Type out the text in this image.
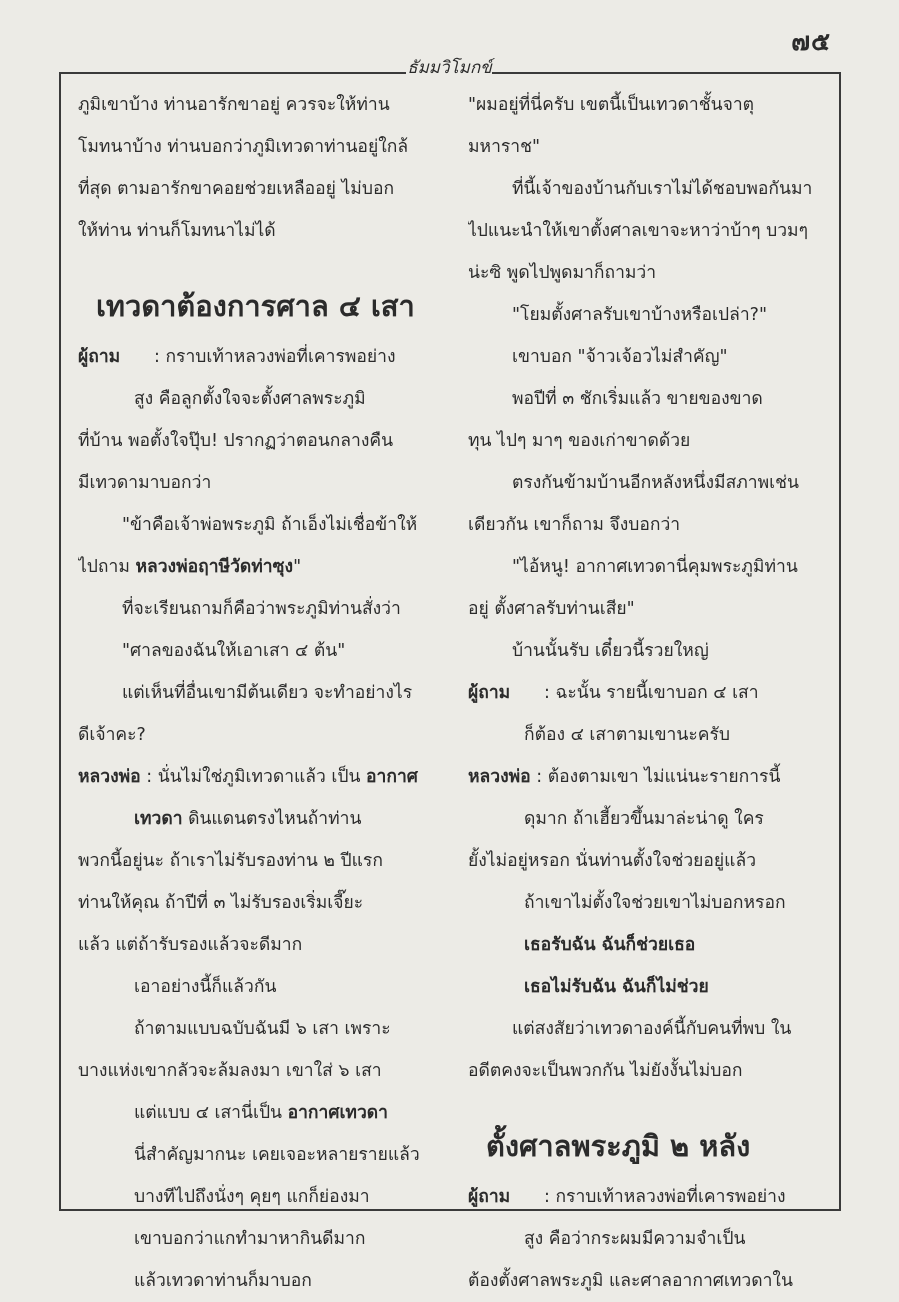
๗๕
ธัมมวิโมกข์
ภูมิเขาบ้าง ท่านอารักขาอยู่ ควรจะให้ท่าน
โมทนาบ้าง ท่านบอกว่าภูมิเทวดาท่านอยู่ใกล้
ที่สุด ตามอารักขาคอยช่วยเหลืออยู่ ไม่บอก
ให้ท่าน ท่านก็โมทนาไม่ได้
เทวดาต้องการศาล ๔ เสา
ผู้ถาม : กราบเท้าหลวงพ่อที่เคารพอย่าง
สูง คือลูกตั้งใจจะตั้งศาลพระภูมิ
ที่บ้าน พอตั้งใจปุ๊บ! ปรากฏว่าตอนกลางคืน
มีเทวดามาบอกว่า
"ข้าคือเจ้าพ่อพระภูมิ ถ้าเอ็งไม่เชื่อข้าให้
ไปถาม หลวงพ่อฤาษีวัดท่าซุง"
ที่จะเรียนถามก็คือว่าพระภูมิท่านสั่งว่า
"ศาลของฉันให้เอาเสา ๔ ต้น"
แต่เห็นที่อื่นเขามีต้นเดียว จะทำอย่างไร
ดีเจ้าคะ?
หลวงพ่อ : นั่นไม่ใช่ภูมิเทวดาแล้ว เป็น อากาศ
เทวดา ดินแดนตรงไหนถ้าท่าน
พวกนี้อยู่นะ ถ้าเราไม่รับรองท่าน ๒ ปีแรก
ท่านให้คุณ ถ้าปีที่ ๓ ไม่รับรองเริ่มเจี๊ยะ
แล้ว แต่ถ้ารับรองแล้วจะดีมาก
เอาอย่างนี้ก็แล้วกัน
ถ้าตามแบบฉบับฉันมี ๖ เสา เพราะ
บางแห่งเขากลัวจะล้มลงมา เขาใส่ ๖ เสา
แต่แบบ ๔ เสานี่เป็น อากาศเทวดา
นี่สำคัญมากนะ เคยเจอะหลายรายแล้ว
บางทีไปถึงนั่งๆ คุยๆ แกก็ย่องมา
เขาบอกว่าแกทำมาหากินดีมาก
แล้วเทวดาท่านก็มาบอก
"ผมอยู่ที่นี่ครับ เขตนี้เป็นเทวดาชั้นจาตุ
มหาราช"
ที่นี้เจ้าของบ้านกับเราไม่ได้ชอบพอกันมา
ไปแนะนำให้เขาตั้งศาลเขาจะหาว่าบ้าๆ บวมๆ
น่ะซิ พูดไปพูดมาก็ถามว่า
"โยมตั้งศาลรับเขาบ้างหรือเปล่า?"
เขาบอก "จ้าวเจ้อวไม่สำคัญ"
พอปีที่ ๓ ชักเริ่มแล้ว ขายของขาด
ทุน ไปๆ มาๆ ของเก่าขาดด้วย
ตรงกันข้ามบ้านอีกหลังหนึ่งมีสภาพเช่น
เดียวกัน เขาก็ถาม จึงบอกว่า
"ไอ้หนู! อากาศเทวดานี่คุมพระภูมิท่าน
อยู่ ตั้งศาลรับท่านเสีย"
บ้านนั้นรับ เดี๋ยวนี้รวยใหญ่
ผู้ถาม : ฉะนั้น รายนี้เขาบอก ๔ เสา
ก็ต้อง ๔ เสาตามเขานะครับ
หลวงพ่อ : ต้องตามเขา ไม่แน่นะรายการนี้
ดุมาก ถ้าเฮี้ยวขึ้นมาล่ะน่าดู ใคร
ยั้งไม่อยู่หรอก นั่นท่านตั้งใจช่วยอยู่แล้ว
ถ้าเขาไม่ตั้งใจช่วยเขาไม่บอกหรอก
เธอรับฉัน ฉันก็ช่วยเธอ
เธอไม่รับฉัน ฉันก็ไม่ช่วย
แต่สงสัยว่าเทวดาองค์นี้กับคนที่พบ ใน
อดีตคงจะเป็นพวกกัน ไม่ยังงั้นไม่บอก
ตั้งศาลพระภูมิ ๒ หลัง
ผู้ถาม : กราบเท้าหลวงพ่อที่เคารพอย่าง
สูง คือว่ากระผมมีความจำเป็น
ต้องตั้งศาลพระภูมิ และศาลอากาศเทวดาใน
